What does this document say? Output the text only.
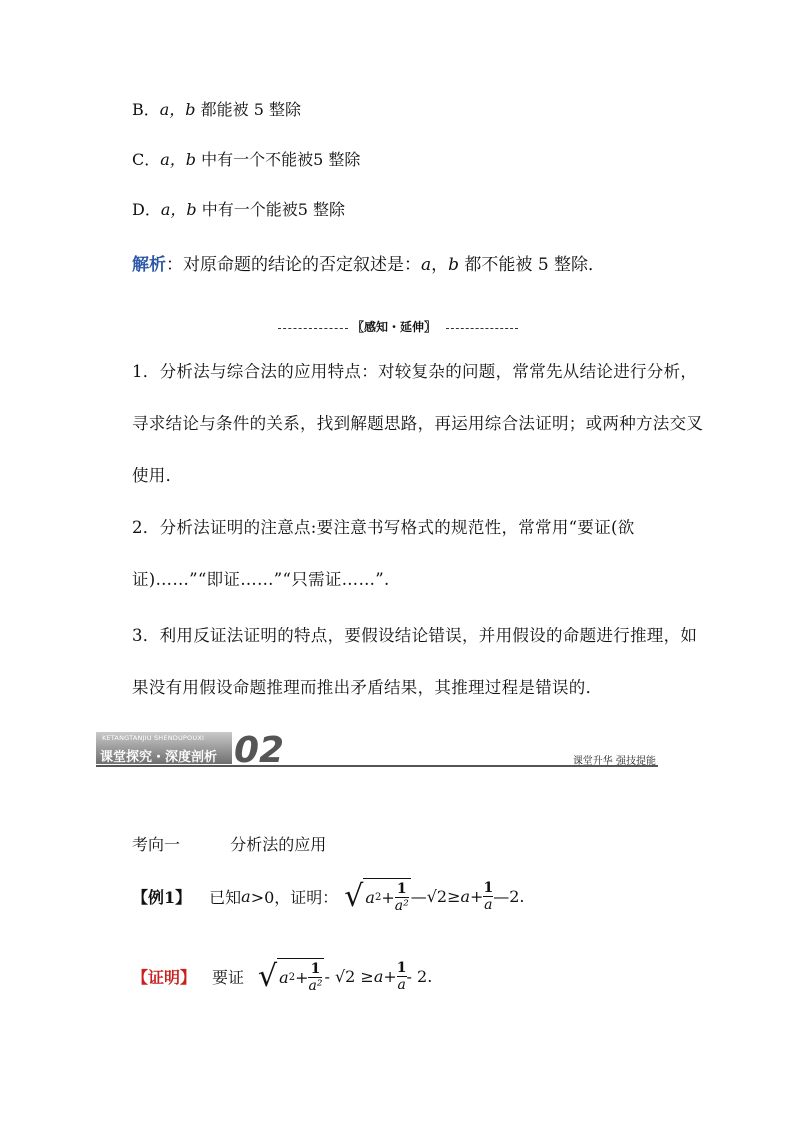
B．a，b 都能被 5 整除
C．a，b 中有一个不能被5 整除
D．a，b 中有一个能被5 整除
解析：对原命题的结论的否定叙述是：a，b 都不能被 5 整除．
〖感知・延伸〗
1．分析法与综合法的应用特点：对较复杂的问题，常常先从结论进行分析，寻求结论与条件的关系，找到解题思路，再运用综合法证明；或两种方法交叉使用．
2．分析法证明的注意点:要注意书写格式的规范性，常常用“要证(欲证)……”“即证……”“只需证……”.
3．利用反证法证明的特点，要假设结论错误，并用假设的命题进行推理，如果没有用假设命题推理而推出矛盾结果，其推理过程是错误的．
KETANGTANJIU SHENDUPOUXI
课堂探究・深度剖析 02	课堂升华 强技提能
考向一	分析法的应用
【例1】 已知 a >0，证明： √ a $2 + \frac{1}{\text{a²}}$ —√2≥ $a + \frac{1}{a}$ —2.
【证明】 要证 √ a $2 + \frac{1}{\text{a²}} - √2 \ge a + \frac{1}{a} - 2$.
